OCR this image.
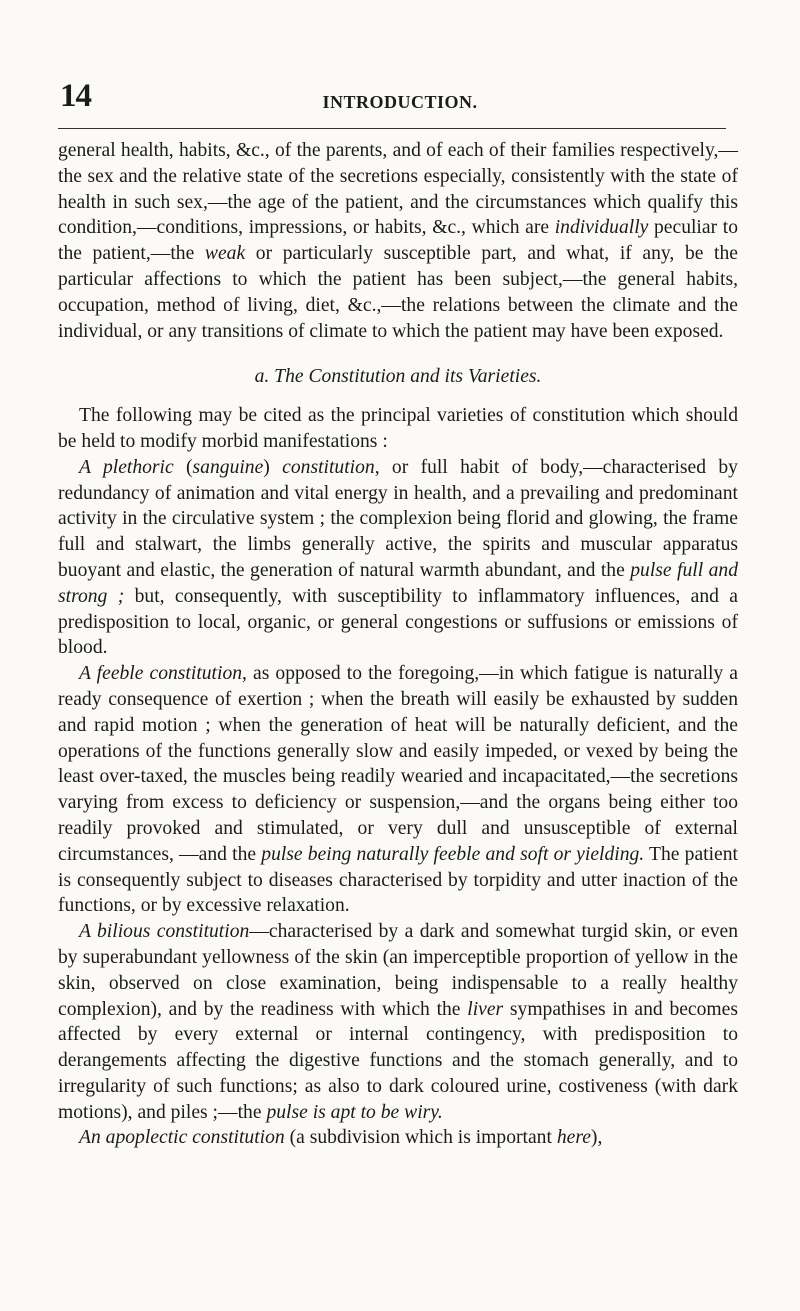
14	INTRODUCTION.

general health, habits, &c., of the parents, and of each of their families respectively,—the sex and the relative state of the secretions especially, consistently with the state of health in such sex,—the age of the patient, and the circumstances which qualify this condition,—conditions, impressions, or habits, &c., which are individually peculiar to the patient,—the weak or particularly susceptible part, and what, if any, be the particular affections to which the patient has been subject,—the general habits, occupation, method of living, diet, &c.,—the relations between the climate and the individual, or any transitions of climate to which the patient may have been exposed.

a. The Constitution and its Varieties.

The following may be cited as the principal varieties of constitution which should be held to modify morbid manifestations :

A plethoric (sanguine) constitution, or full habit of body,—characterised by redundancy of animation and vital energy in health, and a prevailing and predominant activity in the circulative system ; the complexion being florid and glowing, the frame full and stalwart, the limbs generally active, the spirits and muscular apparatus buoyant and elastic, the generation of natural warmth abundant, and the pulse full and strong ; but, consequently, with susceptibility to inflammatory influences, and a predisposition to local, organic, or general congestions or suffusions or emissions of blood.

A feeble constitution, as opposed to the foregoing,—in which fatigue is naturally a ready consequence of exertion ; when the breath will easily be exhausted by sudden and rapid motion ; when the generation of heat will be naturally deficient, and the operations of the functions generally slow and easily impeded, or vexed by being the least over-taxed, the muscles being readily wearied and incapacitated,—the secretions varying from excess to deficiency or suspension,—and the organs being either too readily provoked and stimulated, or very dull and unsusceptible of external circumstances, —and the pulse being naturally feeble and soft or yielding. The patient is consequently subject to diseases characterised by torpidity and utter inaction of the functions, or by excessive relaxation.

A bilious constitution—characterised by a dark and somewhat turgid skin, or even by superabundant yellowness of the skin (an imperceptible proportion of yellow in the skin, observed on close examination, being indispensable to a really healthy complexion), and by the readiness with which the liver sympathises in and becomes affected by every external or internal contingency, with predisposition to derangements affecting the digestive functions and the stomach generally, and to irregularity of such functions; as also to dark coloured urine, costiveness (with dark motions), and piles ;—the pulse is apt to be wiry.

An apoplectic constitution (a subdivision which is important here),
